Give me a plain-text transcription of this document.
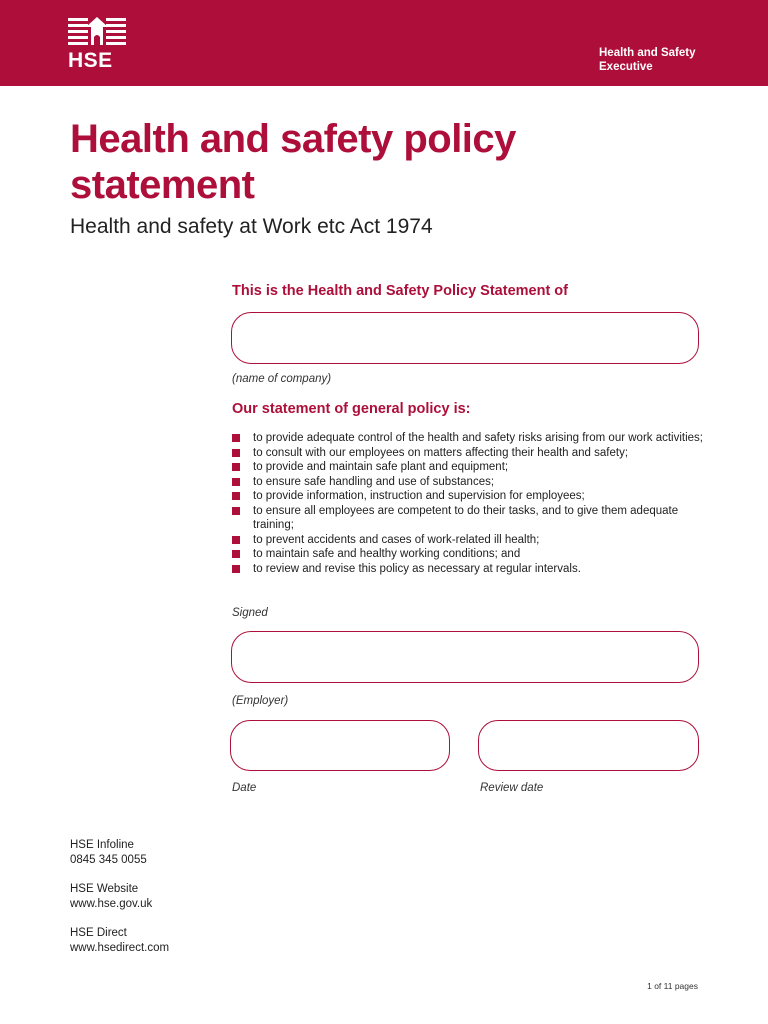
HSE	Health and Safety
Executive
Health and safety policy statement
Health and safety at Work etc Act 1974
This is the Health and Safety Policy Statement of
(name of company)
Our statement of general policy is:
to provide adequate control of the health and safety risks arising from our work activities;
to consult with our employees on matters affecting their health and safety;
to provide and maintain safe plant and equipment;
to ensure safe handling and use of substances;
to provide information, instruction and supervision for employees;
to ensure all employees are competent to do their tasks, and to give them adequate training;
to prevent accidents and cases of work-related ill health;
to maintain safe and healthy working conditions; and
to review and revise this policy as necessary at regular intervals.
Signed
(Employer)
Date	Review date
HSE Infoline
0845 345 0055
HSE Website
www.hse.gov.uk
HSE Direct
www.hsedirect.com
1 of 11 pages
